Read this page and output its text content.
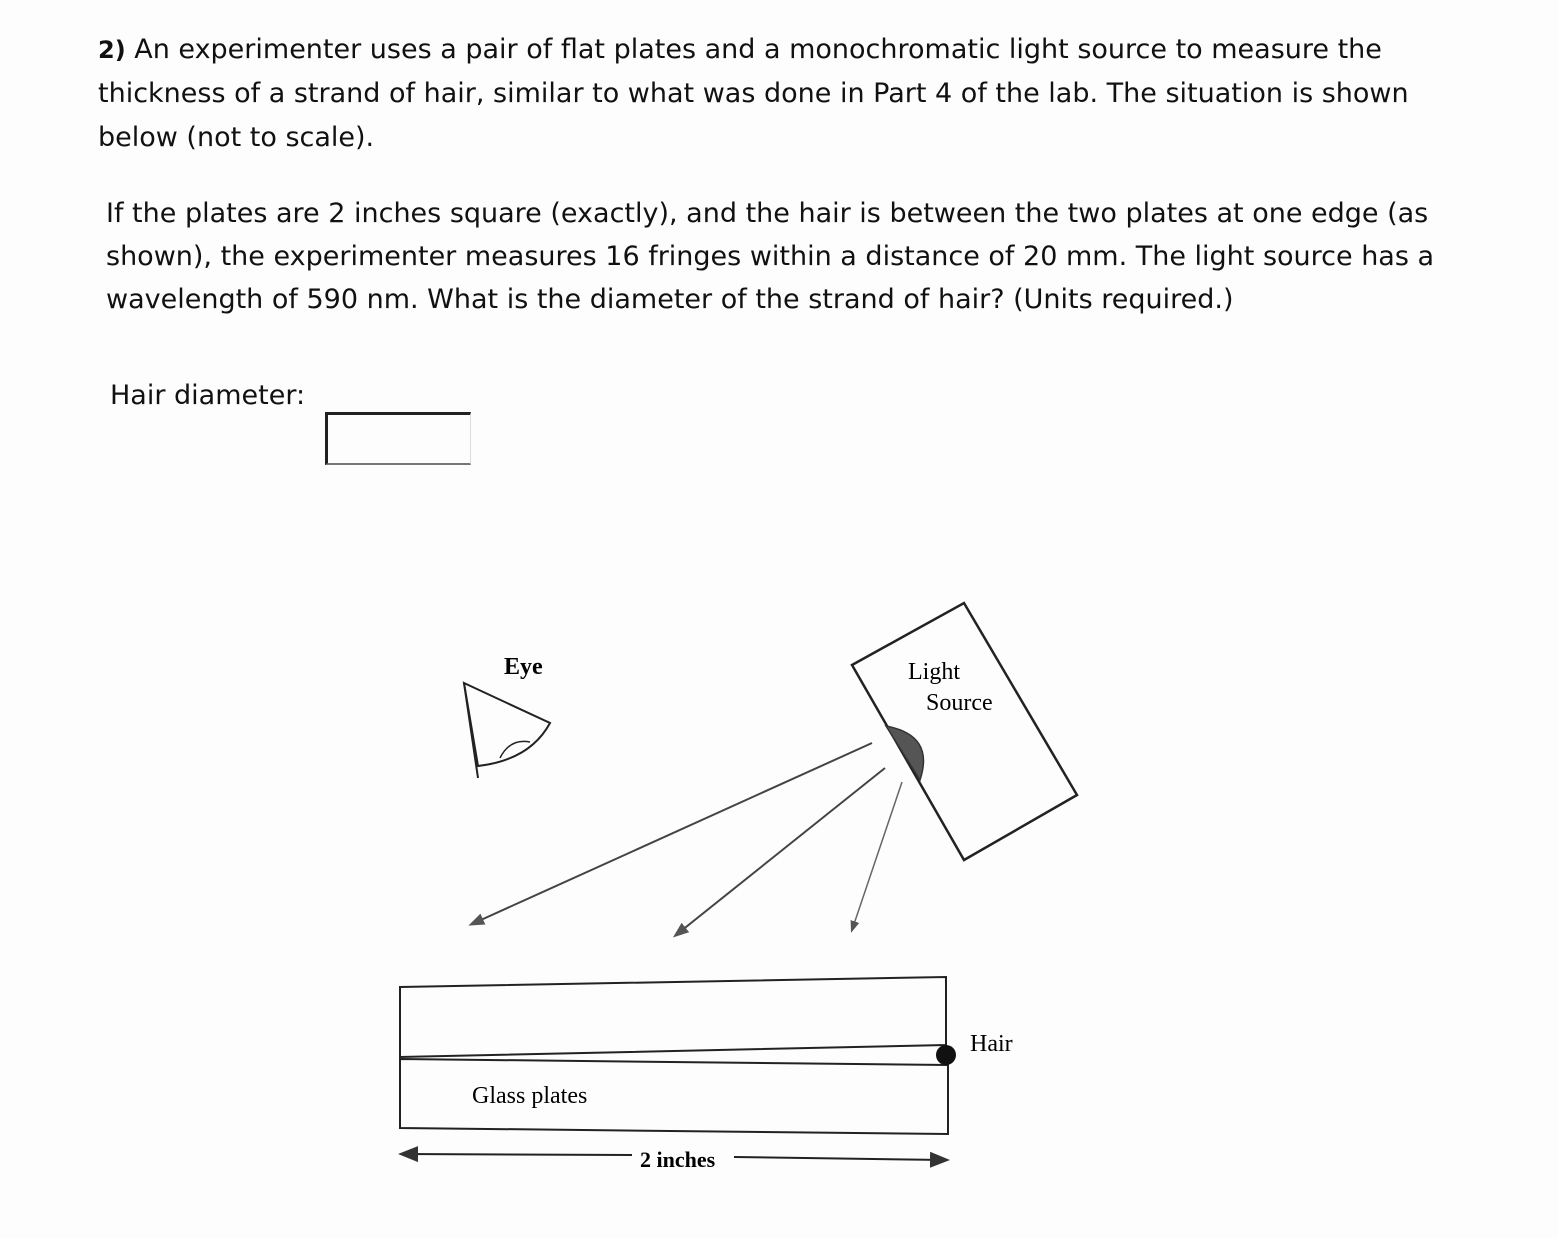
2) An experimenter uses a pair of flat plates and a monochromatic light source to measure the thickness of a strand of hair, similar to what was done in Part 4 of the lab. The situation is shown below (not to scale).

If the plates are 2 inches square (exactly), and the hair is between the two plates at one edge (as shown), the experimenter measures 16 fringes within a distance of 20 mm. The light source has a wavelength of 590 nm. What is the diameter of the strand of hair? (Units required.)

Hair diameter:
Eye	Light
Source
Hair
Glass plates
2 inches
